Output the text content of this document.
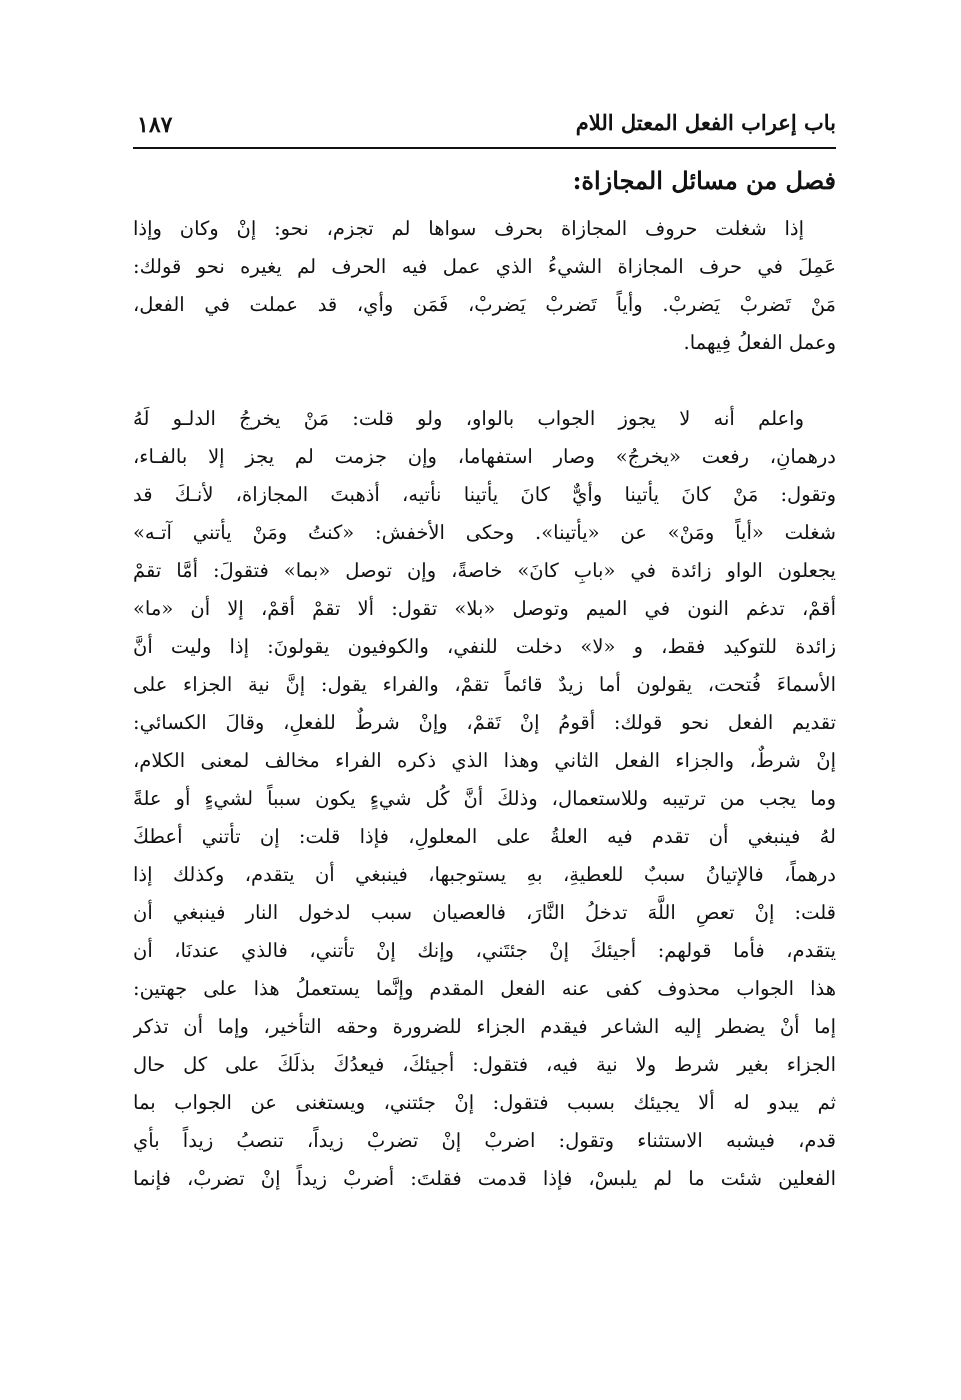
باب إعراب الفعل المعتل اللام
١٨٧
فصل من مسائل المجازاة:
إذا شغلت حروف المجازاة بحرف سواها لم تجزم، نحو: إنْ وكان وإذا
عَمِلَ في حرف المجازاة الشيءُ الذي عمل فيه الحرف لم يغيره نحو قولك:
مَنْ تَضربْ يَضربْ. وأياً تَضربْ يَضربْ، فَمَن وأي، قد عملت في الفعل،
وعمل الفعلُ فِيهما.
واعلم أنه لا يجوز الجواب بالواو، ولو قلت: مَنْ يخرجُ الدلـو لَهُ
درهمانِ، رفعت «يخرجُ» وصار استفهاما، وإن جزمت لم يجز إلا بالفـاء،
وتقول: مَنْ كانَ يأتينا وأيٌّ كانَ يأتينا نأتيه، أذهبتَ المجازاة، لأنـكَ قد
شغلت «أياً ومَنْ» عن «يأتينا». وحكى الأخفش: «كنتُ ومَنْ يأتني آتـه»
يجعلون الواو زائدة في «بابِ كانَ» خاصةً، وإن توصل «بما» فتقولَ: أمَّا تقمْ
أقمْ، تدغم النون في الميم وتوصل «بلا» تقول: ألا تقمْ أقمْ، إلا أن «ما»
زائدة للتوكيد فقط، و «لا» دخلت للنفي، والكوفيون يقولونَ: إذا وليت أنَّ
الأسماءَ فُتحت، يقولون أما زيدٌ قائماً تقمْ، والفراء يقول: إنَّ نية الجزاء على
تقديم الفعل نحو قولك: أقومُ إنْ تَقمْ، وإنْ شرطٌ للفعلِ، وقالَ الكسائي:
إنْ شرطٌ، والجزاء الفعل الثاني وهذا الذي ذكره الفراء مخالف لمعنى الكلام،
وما يجب من ترتيبه وللاستعمال، وذلكَ أنَّ كُل شيءٍ يكون سبباً لشيءٍ أو علةً
لهُ فينبغي أن تقدم فيه العلةُ على المعلولِ، فإذا قلت: إن تأتني أعطكَ
درهماً، فالإتيانُ سببٌ للعطيةِ، بهِ يستوجبها، فينبغي أن يتقدم، وكذلك إذا
قلت: إنْ تعصِ اللَّهَ تدخلُ النَّارَ، فالعصيان سبب لدخول النار فينبغي أن
يتقدم، فأما قولهم: أجيئكَ إنْ جئتَني، وإنك إنْ تأتني، فالذي عندنَا، أن
هذا الجواب محذوف كفى عنه الفعل المقدم وإنَّما يستعملُ هذا على جهتين:
إما أنْ يضطر إليه الشاعر فيقدم الجزاء للضرورة وحقه التأخير، وإما أن تذكر
الجزاء بغير شرط ولا نية فيه، فتقول: أجيئكَ، فيعدُكَ بذلَكَ على كل حال
ثم يبدو له ألا يجيئك بسبب فتقول: إنْ جئتني، ويستغنى عن الجواب بما
قدم، فيشبه الاستثناء وتقول: اضربْ إنْ تضربْ زيداً، تنصبُ زيداً بأي
الفعلين شئت ما لم يلبسْ، فإذا قدمت فقلتَ: أضربْ زيداً إنْ تضربْ، فإنما
